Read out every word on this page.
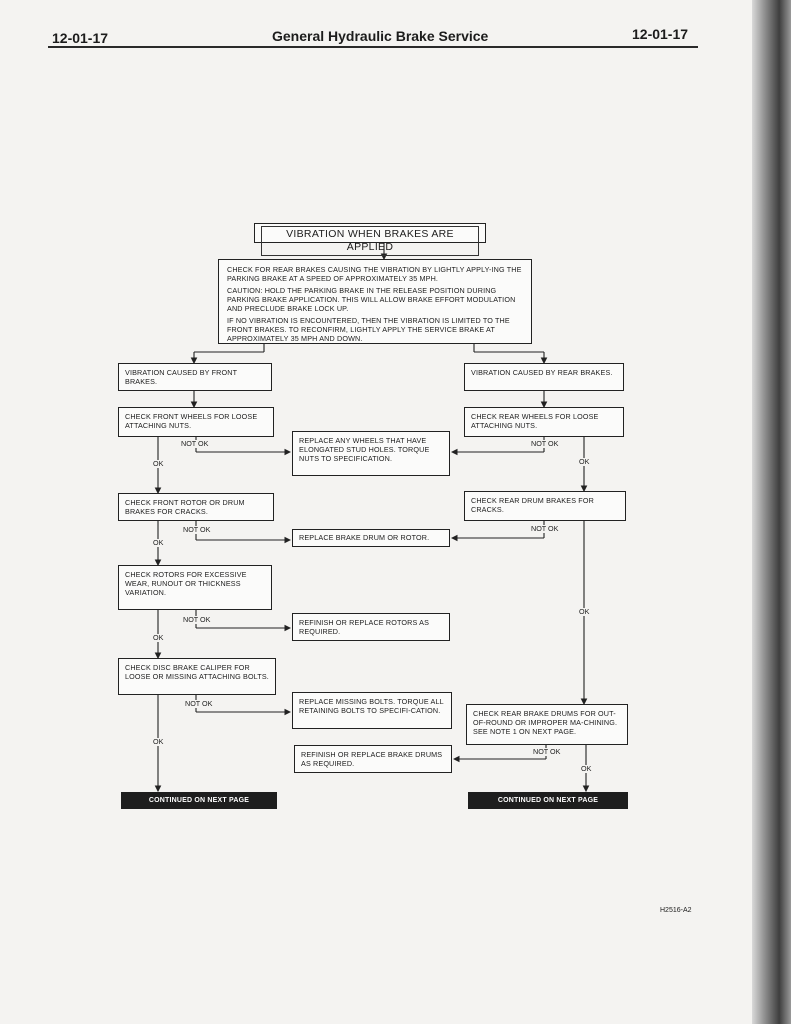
12-01-17	General Hydraulic Brake Service	12-01-17
VIBRATION WHEN BRAKES ARE APPLIED

CHECK FOR REAR BRAKES CAUSING THE VIBRATION BY LIGHTLY APPLY-ING THE PARKING BRAKE AT A SPEED OF APPROXIMATELY 35 MPH.

CAUTION: HOLD THE PARKING BRAKE IN THE RELEASE POSITION DURING PARKING BRAKE APPLICATION. THIS WILL ALLOW BRAKE EFFORT MODULATION AND PRECLUDE BRAKE LOCK UP.

IF NO VIBRATION IS ENCOUNTERED, THEN THE VIBRATION IS LIMITED TO THE FRONT BRAKES. TO RECONFIRM, LIGHTLY APPLY THE SERVICE BRAKE AT APPROXIMATELY 35 MPH AND DOWN.

VIBRATION CAUSED BY FRONT BRAKES.
CHECK FRONT WHEELS FOR LOOSE ATTACHING NUTS.
CHECK FRONT ROTOR OR DRUM BRAKES FOR CRACKS.
CHECK ROTORS FOR EXCESSIVE WEAR, RUNOUT OR THICKNESS VARIATION.
CHECK DISC BRAKE CALIPER FOR LOOSE OR MISSING ATTACHING BOLTS.
CONTINUED ON NEXT PAGE
REPLACE ANY WHEELS THAT HAVE ELONGATED STUD HOLES. TORQUE NUTS TO SPECIFICATION.
REPLACE BRAKE DRUM OR ROTOR.
REFINISH OR REPLACE ROTORS AS REQUIRED.
REPLACE MISSING BOLTS. TORQUE ALL RETAINING BOLTS TO SPECIFI-CATION.
REFINISH OR REPLACE BRAKE DRUMS AS REQUIRED.
VIBRATION CAUSED BY REAR BRAKES.
CHECK REAR WHEELS FOR LOOSE ATTACHING NUTS.
CHECK REAR DRUM BRAKES FOR CRACKS.
CHECK REAR BRAKE DRUMS FOR OUT-OF-ROUND OR IMPROPER MA-CHINING. SEE NOTE 1 ON NEXT PAGE.
CONTINUED ON NEXT PAGE
NOT OK
OK
NOT OK
OK
NOT OK
OK
NOT OK
OK
NOT OK
OK
NOT OK
OK
NOT OK
OK
H2516-A2
